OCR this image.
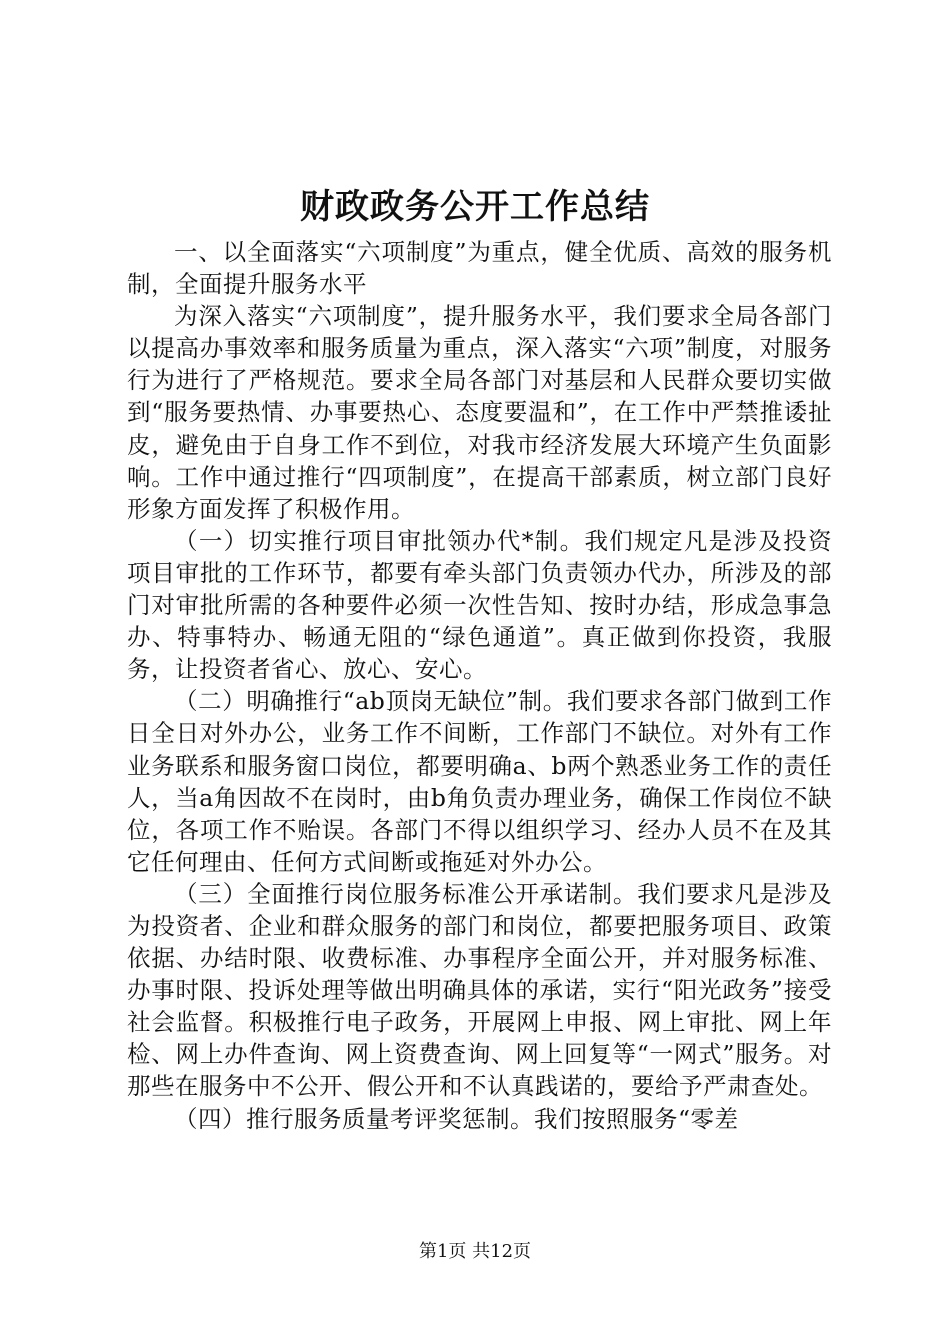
财政政务公开工作总结

一、以全面落实“六项制度”为重点，健全优质、高效的服务机制，全面提升服务水平

为深入落实“六项制度”，提升服务水平，我们要求全局各部门以提高办事效率和服务质量为重点，深入落实“六项”制度，对服务行为进行了严格规范。要求全局各部门对基层和人民群众要切实做到“服务要热情、办事要热心、态度要温和”，在工作中严禁推诿扯皮，避免由于自身工作不到位，对我市经济发展大环境产生负面影响。工作中通过推行“四项制度”，在提高干部素质，树立部门良好形象方面发挥了积极作用。

（一）切实推行项目审批领办代*制。我们规定凡是涉及投资项目审批的工作环节，都要有牵头部门负责领办代办，所涉及的部门对审批所需的各种要件必须一次性告知、按时办结，形成急事急办、特事特办、畅通无阻的“绿色通道”。真正做到你投资，我服务，让投资者省心、放心、安心。

（二）明确推行“ab顶岗无缺位”制。我们要求各部门做到工作日全日对外办公，业务工作不间断，工作部门不缺位。对外有工作业务联系和服务窗口岗位，都要明确a、b两个熟悉业务工作的责任人，当a角因故不在岗时，由b角负责办理业务，确保工作岗位不缺位，各项工作不贻误。各部门不得以组织学习、经办人员不在及其它任何理由、任何方式间断或拖延对外办公。

（三）全面推行岗位服务标准公开承诺制。我们要求凡是涉及为投资者、企业和群众服务的部门和岗位，都要把服务项目、政策依据、办结时限、收费标准、办事程序全面公开，并对服务标准、办事时限、投诉处理等做出明确具体的承诺，实行“阳光政务”接受社会监督。积极推行电子政务，开展网上申报、网上审批、网上年检、网上办件查询、网上资费查询、网上回复等“一网式”服务。对那些在服务中不公开、假公开和不认真践诺的，要给予严肃查处。

（四）推行服务质量考评奖惩制。我们按照服务“零差

第1页 共12页
